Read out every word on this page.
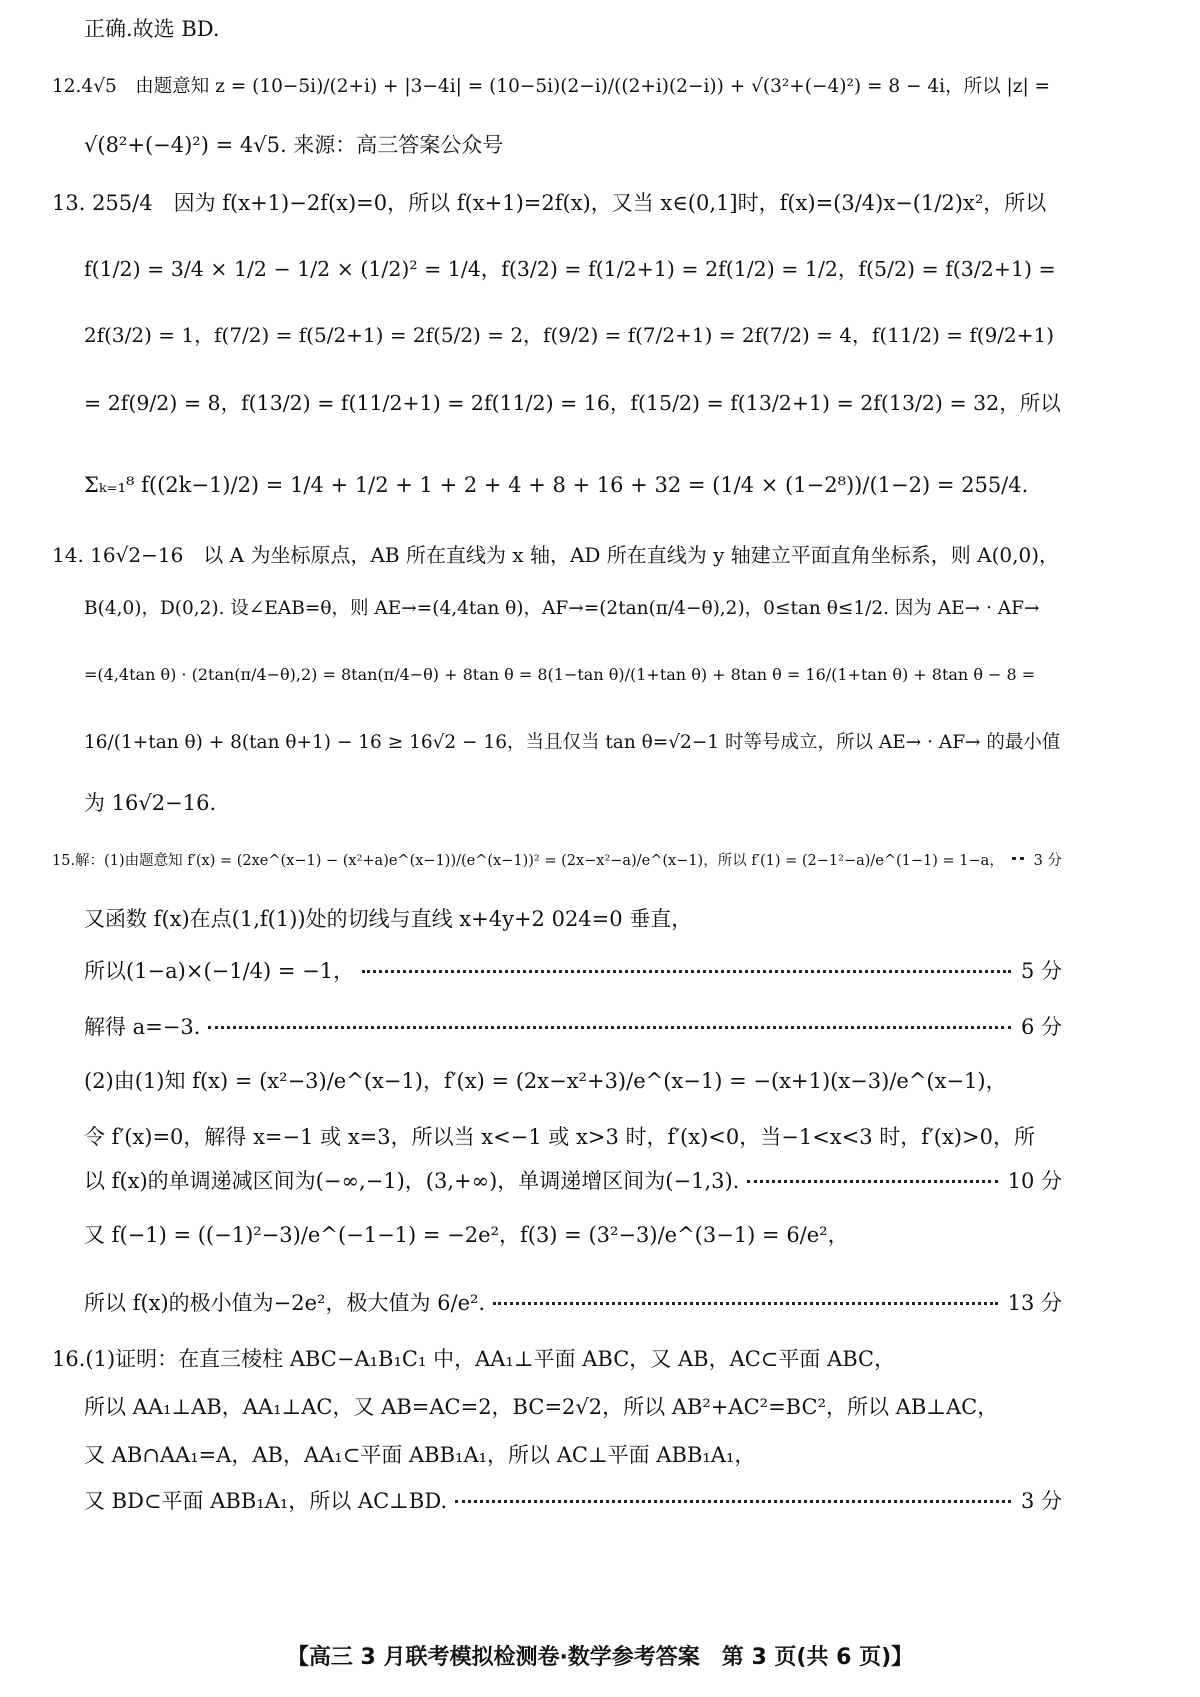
正确.故选 BD.
12.4√5　由题意知 z = (10−5i)/(2+i) + |3−4i| = (10−5i)(2−i)/((2+i)(2−i)) + √(3²+(−4)²) = 8 − 4i，所以 |z| =
√(8²+(−4)²) = 4√5. 来源：高三答案公众号
13. 255/4　因为 f(x+1)−2f(x)=0，所以 f(x+1)=2f(x)，又当 x∈(0,1]时，f(x)=(3/4)x−(1/2)x²，所以
f(1/2) = 3/4 × 1/2 − 1/2 × (1/2)² = 1/4，f(3/2) = f(1/2+1) = 2f(1/2) = 1/2，f(5/2) = f(3/2+1) =
2f(3/2) = 1，f(7/2) = f(5/2+1) = 2f(5/2) = 2，f(9/2) = f(7/2+1) = 2f(7/2) = 4，f(11/2) = f(9/2+1)
= 2f(9/2) = 8，f(13/2) = f(11/2+1) = 2f(11/2) = 16，f(15/2) = f(13/2+1) = 2f(13/2) = 32，所以
Σₖ₌₁⁸ f((2k−1)/2) = 1/4 + 1/2 + 1 + 2 + 4 + 8 + 16 + 32 = (1/4 × (1−2⁸))/(1−2) = 255/4.
14. 16√2−16　以 A 为坐标原点，AB 所在直线为 x 轴，AD 所在直线为 y 轴建立平面直角坐标系，则 A(0,0)，
B(4,0)，D(0,2). 设∠EAB=θ，则 AE→=(4,4tan θ)，AF→=(2tan(π/4−θ),2)，0≤tan θ≤1/2. 因为 AE→ · AF→
=(4,4tan θ) · (2tan(π/4−θ),2) = 8tan(π/4−θ) + 8tan θ = 8(1−tan θ)/(1+tan θ) + 8tan θ = 16/(1+tan θ) + 8tan θ − 8 =
16/(1+tan θ) + 8(tan θ+1) − 16 ≥ 16√2 − 16，当且仅当 tan θ=√2−1 时等号成立，所以 AE→ · AF→ 的最小值
为 16√2−16.
15.解：(1)由题意知 f′(x) = (2xe^(x−1) − (x²+a)e^(x−1))/(e^(x−1))² = (2x−x²−a)/e^(x−1)，所以 f′(1) = (2−1²−a)/e^(1−1) = 1−a， 3 分
又函数 f(x)在点(1,f(1))处的切线与直线 x+4y+2 024=0 垂直，
所以(1−a)×(−1/4) = −1，	5 分
解得 a=−3.	6 分
(2)由(1)知 f(x) = (x²−3)/e^(x−1)，f′(x) = (2x−x²+3)/e^(x−1) = −(x+1)(x−3)/e^(x−1)，
令 f′(x)=0，解得 x=−1 或 x=3，所以当 x<−1 或 x>3 时，f′(x)<0，当−1<x<3 时，f′(x)>0，所
以 f(x)的单调递减区间为(−∞,−1)，(3,+∞)，单调递增区间为(−1,3).	10 分
又 f(−1) = ((−1)²−3)/e^(−1−1) = −2e²，f(3) = (3²−3)/e^(3−1) = 6/e²，
所以 f(x)的极小值为−2e²，极大值为 6/e².	13 分
16.(1)证明：在直三棱柱 ABC−A₁B₁C₁ 中，AA₁⊥平面 ABC，又 AB，AC⊂平面 ABC，
所以 AA₁⊥AB，AA₁⊥AC，又 AB=AC=2，BC=2√2，所以 AB²+AC²=BC²，所以 AB⊥AC，
又 AB∩AA₁=A，AB，AA₁⊂平面 ABB₁A₁，所以 AC⊥平面 ABB₁A₁，
又 BD⊂平面 ABB₁A₁，所以 AC⊥BD.	3 分
【高三 3 月联考模拟检测卷·数学参考答案　第 3 页(共 6 页)】
